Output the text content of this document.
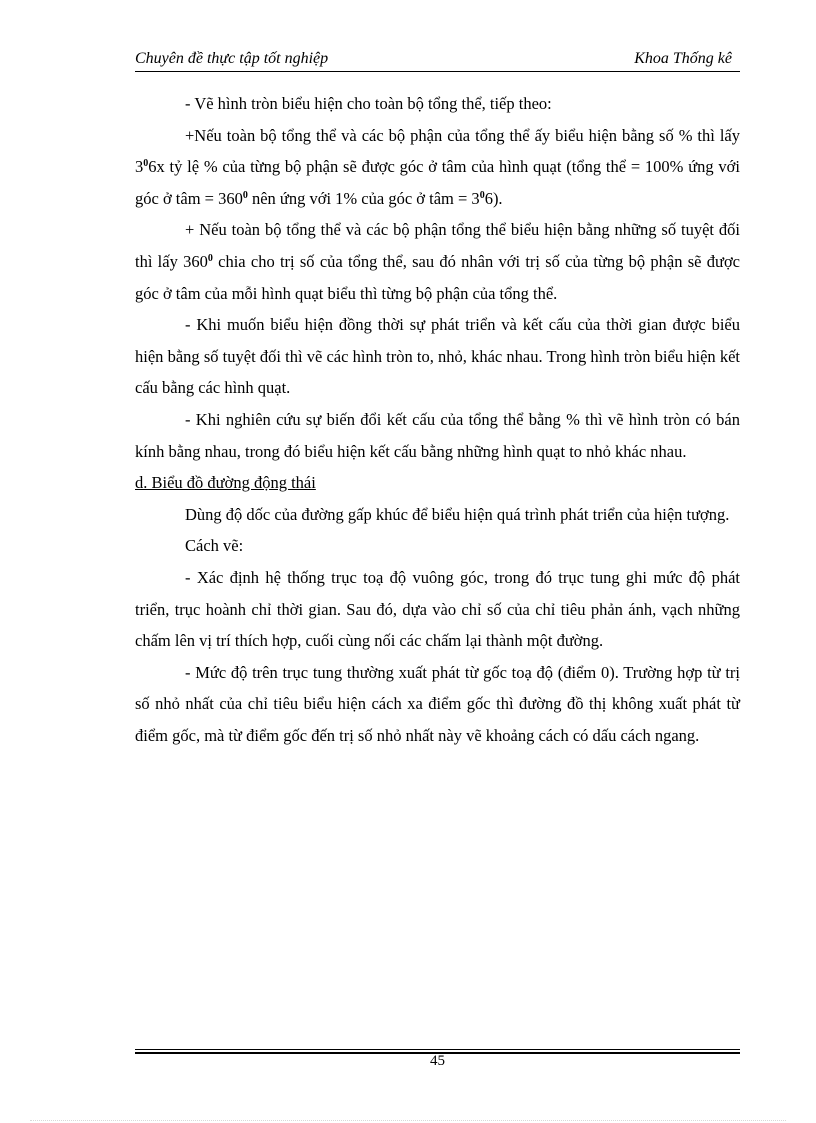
Chuyên đề thực tập tốt nghiệp	Khoa Thống kê

- Vẽ hình tròn biểu hiện cho toàn bộ tổng thể, tiếp theo:

+Nếu toàn bộ tổng thể và các bộ phận của tổng thể ấy biểu hiện bằng số % thì lấy $3^06x$ tỷ lệ % của từng bộ phận sẽ được góc ở tâm của hình quạt (tổng thể = 100% ứng với góc ở tâm = $360^0$ nên ứng với 1% của góc ở tâm = $3^06$).

+ Nếu toàn bộ tổng thể và các bộ phận tổng thể biểu hiện bằng những số tuyệt đối thì lấy $360^0$ chia cho trị số của tổng thể, sau đó nhân với trị số của từng bộ phận sẽ được góc ở tâm của mỗi hình quạt biểu thì từng bộ phận của tổng thể.

- Khi muốn biểu hiện đồng thời sự phát triển và kết cấu của thời gian được biểu hiện bằng số tuyệt đối thì vẽ các hình tròn to, nhỏ, khác nhau. Trong hình tròn biểu hiện kết cấu bằng các hình quạt.

- Khi nghiên cứu sự biến đổi kết cấu của tổng thể bằng % thì vẽ hình tròn có bán kính bằng nhau, trong đó biểu hiện kết cấu bằng những hình quạt to nhỏ khác nhau.

d. Biểu đồ đường động thái

Dùng độ dốc của đường gấp khúc để biểu hiện quá trình phát triển của hiện tượng.

Cách vẽ:

- Xác định hệ thống trục toạ độ vuông góc, trong đó trục tung ghi mức độ phát triển, trục hoành chỉ thời gian. Sau đó, dựa vào chỉ số của chỉ tiêu phản ánh, vạch những chấm lên vị trí thích hợp, cuối cùng nối các chấm lại thành một đường.

- Mức độ trên trục tung thường xuất phát từ gốc toạ độ (điểm 0). Trường hợp từ trị số nhỏ nhất của chỉ tiêu biểu hiện cách xa điểm gốc thì đường đồ thị không xuất phát từ điểm gốc, mà từ điểm gốc đến trị số nhỏ nhất này vẽ khoảng cách có dấu cách ngang.

45
